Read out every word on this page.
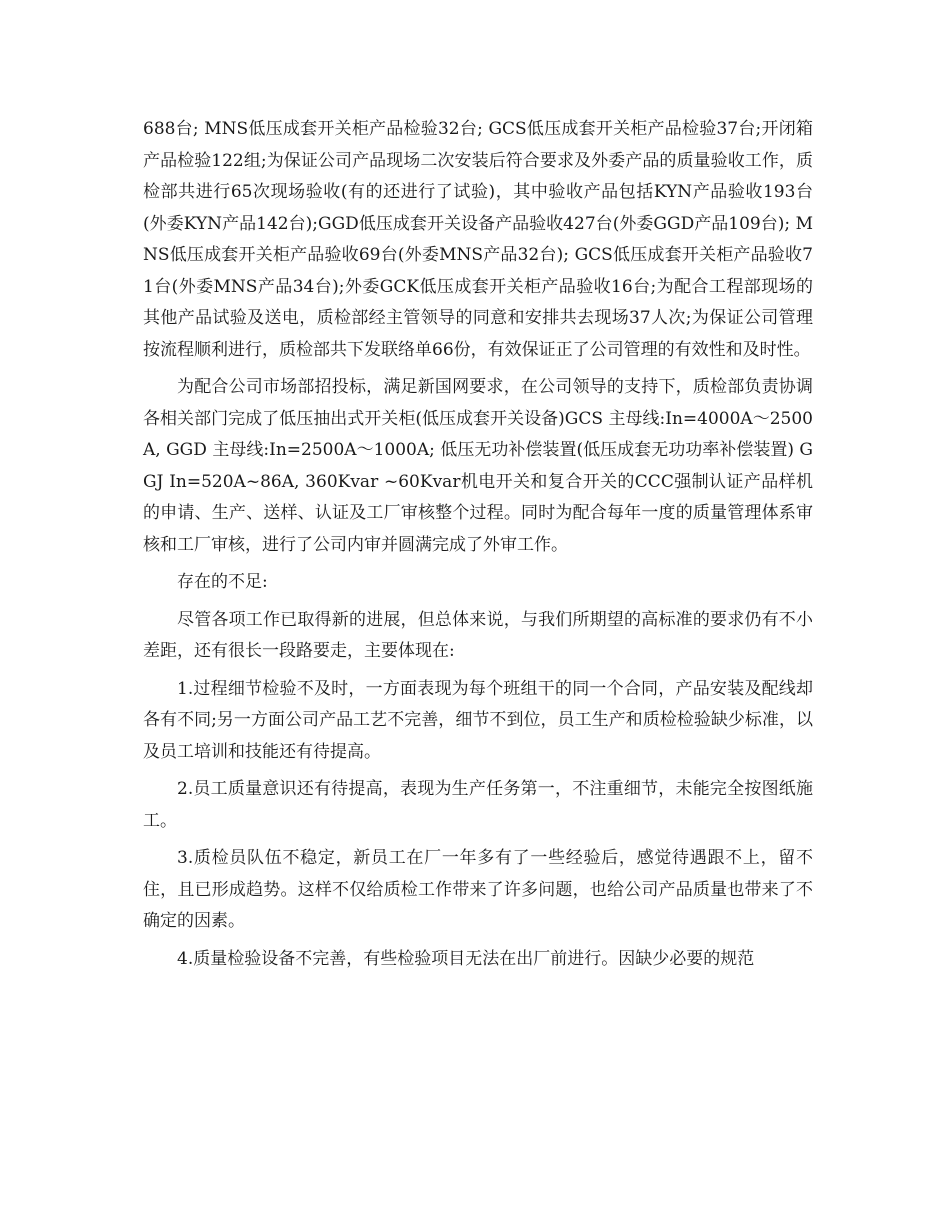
688台; MNS低压成套开关柜产品检验32台; GCS低压成套开关柜产品检验37台;开闭箱产品检验122组;为保证公司产品现场二次安装后符合要求及外委产品的质量验收工作，质检部共进行65次现场验收(有的还进行了试验)，其中验收产品包括KYN产品验收193台(外委KYN产品142台);GGD低压成套开关设备产品验收427台(外委GGD产品109台); MNS低压成套开关柜产品验收69台(外委MNS产品32台); GCS低压成套开关柜产品验收71台(外委MNS产品34台);外委GCK低压成套开关柜产品验收16台;为配合工程部现场的其他产品试验及送电，质检部经主管领导的同意和安排共去现场37人次;为保证公司管理按流程顺利进行，质检部共下发联络单66份，有效保证正了公司管理的有效性和及时性。

为配合公司市场部招投标，满足新国网要求，在公司领导的支持下，质检部负责协调各相关部门完成了低压抽出式开关柜(低压成套开关设备)GCS 主母线:In=4000A～2500A, GGD 主母线:In=2500A～1000A; 低压无功补偿装置(低压成套无功功率补偿装置) GGJ In=520A~86A, 360Kvar ~60Kvar机电开关和复合开关的CCC强制认证产品样机的申请、生产、送样、认证及工厂审核整个过程。同时为配合每年一度的质量管理体系审核和工厂审核，进行了公司内审并圆满完成了外审工作。

存在的不足:

尽管各项工作已取得新的进展，但总体来说，与我们所期望的高标准的要求仍有不小差距，还有很长一段路要走，主要体现在:

1.过程细节检验不及时，一方面表现为每个班组干的同一个合同，产品安装及配线却各有不同;另一方面公司产品工艺不完善，细节不到位，员工生产和质检检验缺少标准，以及员工培训和技能还有待提高。

2.员工质量意识还有待提高，表现为生产任务第一，不注重细节，未能完全按图纸施工。

3.质检员队伍不稳定，新员工在厂一年多有了一些经验后，感觉待遇跟不上，留不住，且已形成趋势。这样不仅给质检工作带来了许多问题，也给公司产品质量也带来了不确定的因素。

4.质量检验设备不完善，有些检验项目无法在出厂前进行。因缺少必要的规范
